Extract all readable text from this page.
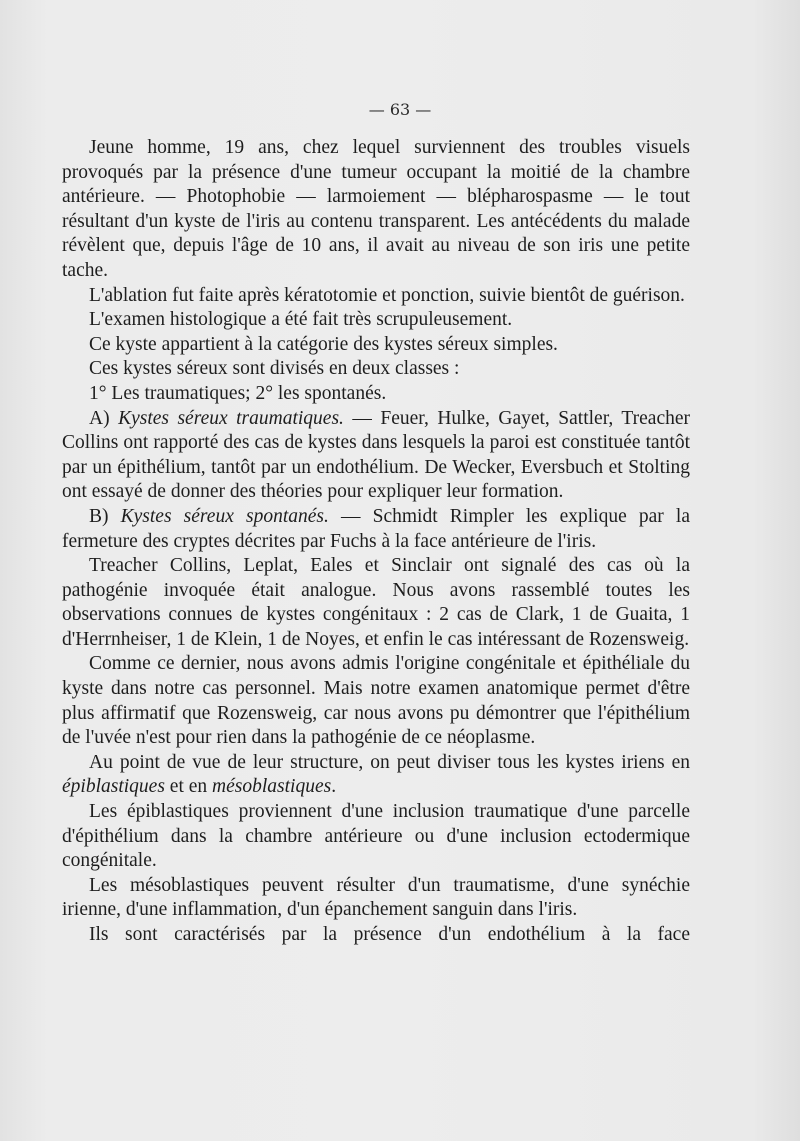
— 63 —

Jeune homme, 19 ans, chez lequel surviennent des troubles visuels provoqués par la présence d'une tumeur occupant la moitié de la chambre antérieure. — Photophobie — larmoiement — blépharospasme — le tout résultant d'un kyste de l'iris au contenu transparent. Les antécédents du malade révèlent que, depuis l'âge de 10 ans, il avait au niveau de son iris une petite tache.

L'ablation fut faite après kératotomie et ponction, suivie bientôt de guérison.

L'examen histologique a été fait très scrupuleusement.

Ce kyste appartient à la catégorie des kystes séreux simples.

Ces kystes séreux sont divisés en deux classes :

1° Les traumatiques; 2° les spontanés.

A) Kystes séreux traumatiques. — Feuer, Hulke, Gayet, Sattler, Treacher Collins ont rapporté des cas de kystes dans lesquels la paroi est constituée tantôt par un épithélium, tantôt par un endothélium. De Wecker, Eversbuch et Stolting ont essayé de donner des théories pour expliquer leur formation.

B) Kystes séreux spontanés. — Schmidt Rimpler les explique par la fermeture des cryptes décrites par Fuchs à la face antérieure de l'iris.

Treacher Collins, Leplat, Eales et Sinclair ont signalé des cas où la pathogénie invoquée était analogue. Nous avons rassemblé toutes les observations connues de kystes congénitaux : 2 cas de Clark, 1 de Guaita, 1 d'Herrnheiser, 1 de Klein, 1 de Noyes, et enfin le cas intéressant de Rozensweig.

Comme ce dernier, nous avons admis l'origine congénitale et épithéliale du kyste dans notre cas personnel. Mais notre examen anatomique permet d'être plus affirmatif que Rozensweig, car nous avons pu démontrer que l'épithélium de l'uvée n'est pour rien dans la pathogénie de ce néoplasme.

Au point de vue de leur structure, on peut diviser tous les kystes iriens en épiblastiques et en mésoblastiques.

Les épiblastiques proviennent d'une inclusion traumatique d'une parcelle d'épithélium dans la chambre antérieure ou d'une inclusion ectodermique congénitale.

Les mésoblastiques peuvent résulter d'un traumatisme, d'une synéchie irienne, d'une inflammation, d'un épanchement sanguin dans l'iris.

Ils sont caractérisés par la présence d'un endothélium à la face
